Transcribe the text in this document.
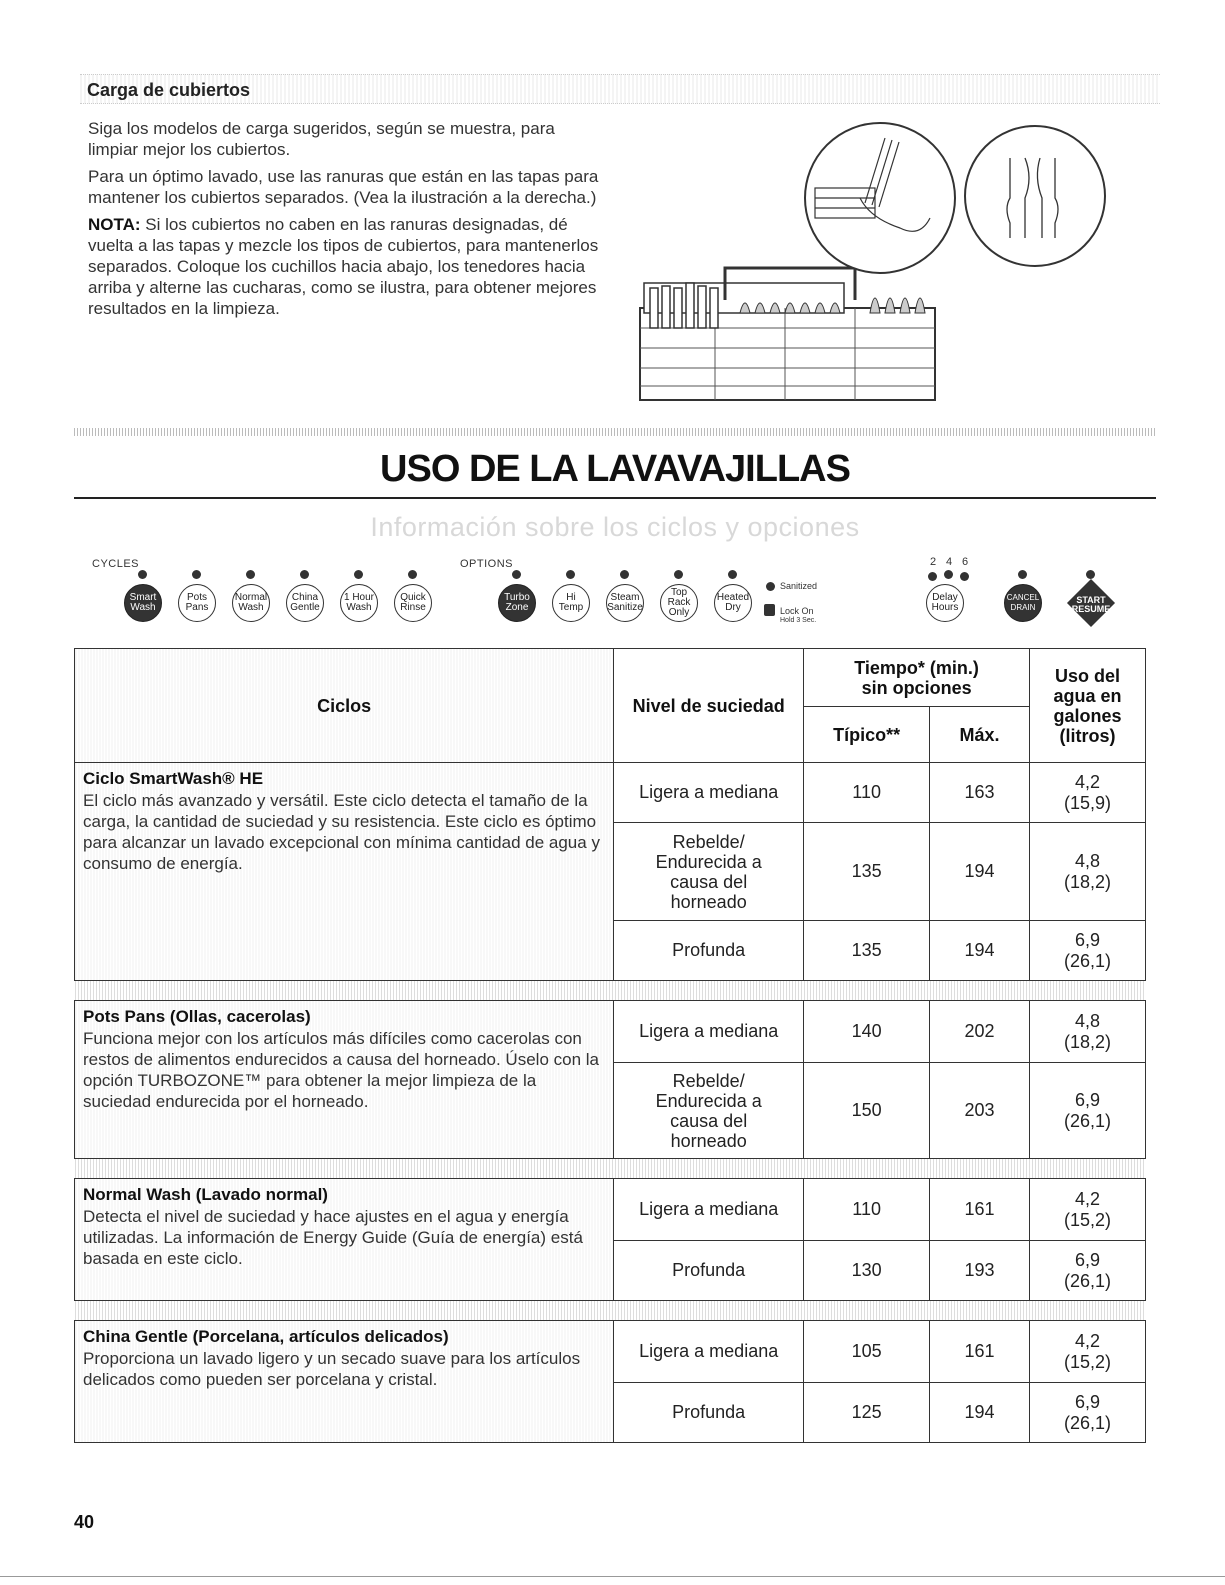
Carga de cubiertos

Siga los modelos de carga sugeridos, según se muestra, para limpiar mejor los cubiertos.

Para un óptimo lavado, use las ranuras que están en las tapas para mantener los cubiertos separados. (Vea la ilustración a la derecha.)

NOTA: Si los cubiertos no caben en las ranuras designadas, dé vuelta a las tapas y mezcle los tipos de cubiertos, para mantenerlos separados. Coloque los cuchillos hacia abajo, los tenedores hacia arriba y alterne las cucharas, como se ilustra, para obtener mejores resultados en la limpieza.

USO DE LA LAVAVAJILLAS
Información sobre los ciclos y opciones
CYCLES	OPTIONS
Smart
Wash
Pots
Pans
Normal
Wash
China
Gentle
1 Hour
Wash
Quick
Rinse
Turbo
Zone
Hi
Temp
Steam
Sanitize
Top Rack
Only
Heated
Dry
Sanitized
Lock On
Hold 3 Sec.
2 4 6
Delay
Hours
CANCEL
DRAIN
START
RESUME
Ciclos	Nivel de suciedad	Tiempo* (min.) sin opciones		Uso del agua en galones (litros)
		Típico**	Máx.	

Ciclo SmartWash® HE
El ciclo más avanzado y versátil. Este ciclo detecta el tamaño de la carga, la cantidad de suciedad y su resistencia. Este ciclo es óptimo para alcanzar un lavado excepcional con mínima cantidad de agua y consumo de energía.	Ligera a mediana	110	163	4,2
(15,9)
	Rebelde/ Endurecida a causa del horneado	135	194	4,8
(18,2)
	Profunda	135	194	6,9
(26,1)

Pots Pans (Ollas, cacerolas)
Funciona mejor con los artículos más difíciles como cacerolas con restos de alimentos endurecidos a causa del horneado. Úselo con la opción TURBOZONE™ para obtener la mejor limpieza de la suciedad endurecida por el horneado.	Ligera a mediana	140	202	4,8
(18,2)
	Rebelde/ Endurecida a causa del horneado	150	203	6,9
(26,1)

Normal Wash (Lavado normal)
Detecta el nivel de suciedad y hace ajustes en el agua y energía utilizadas. La información de Energy Guide (Guía de energía) está basada en este ciclo.	Ligera a mediana	110	161	4,2
(15,2)
	Profunda	130	193	6,9
(26,1)

China Gentle (Porcelana, artículos delicados)
Proporciona un lavado ligero y un secado suave para los artículos delicados como pueden ser porcelana y cristal.	Ligera a mediana	105	161	4,2
(15,2)
	Profunda	125	194	6,9
(26,1)
40
